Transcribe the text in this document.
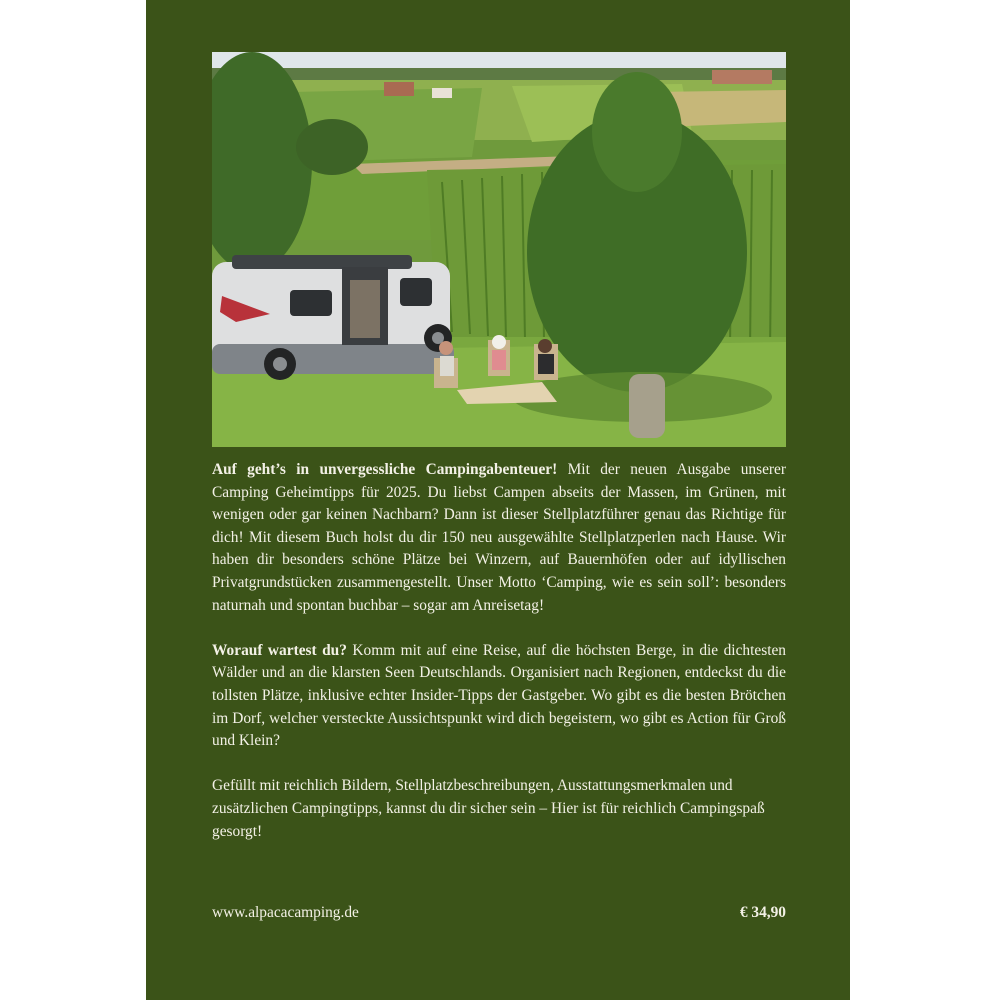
Auf geht’s in unvergessliche Campingabenteuer! Mit der neuen Ausgabe unserer Camping Geheimtipps für 2025. Du liebst Campen abseits der Massen, im Grünen, mit wenigen oder gar keinen Nachbarn? Dann ist dieser Stellplatzführer genau das Richtige für dich! Mit diesem Buch holst du dir 150 neu ausgewählte Stellplatzperlen nach Hause. Wir haben dir besonders schöne Plätze bei Winzern, auf Bauernhöfen oder auf idyllischen Privatgrundstücken zusammengestellt. Unser Motto ‘Camping, wie es sein soll’: besonders naturnah und spontan buchbar – sogar am Anreisetag!

Worauf wartest du? Komm mit auf eine Reise, auf die höchsten Berge, in die dichtesten Wälder und an die klarsten Seen Deutschlands. Organisiert nach Regionen, entdeckst du die tollsten Plätze, inklusive echter Insider-Tipps der Gastgeber. Wo gibt es die besten Brötchen im Dorf, welcher versteckte Aussichtspunkt wird dich begeistern, wo gibt es Action für Groß und Klein?

Gefüllt mit reichlich Bildern, Stellplatzbeschreibungen, Ausstattungsmerkmalen und zusätzlichen Campingtipps, kannst du dir sicher sein – Hier ist für reichlich Campingspaß gesorgt!

www.alpacacamping.de	€ 34,90
